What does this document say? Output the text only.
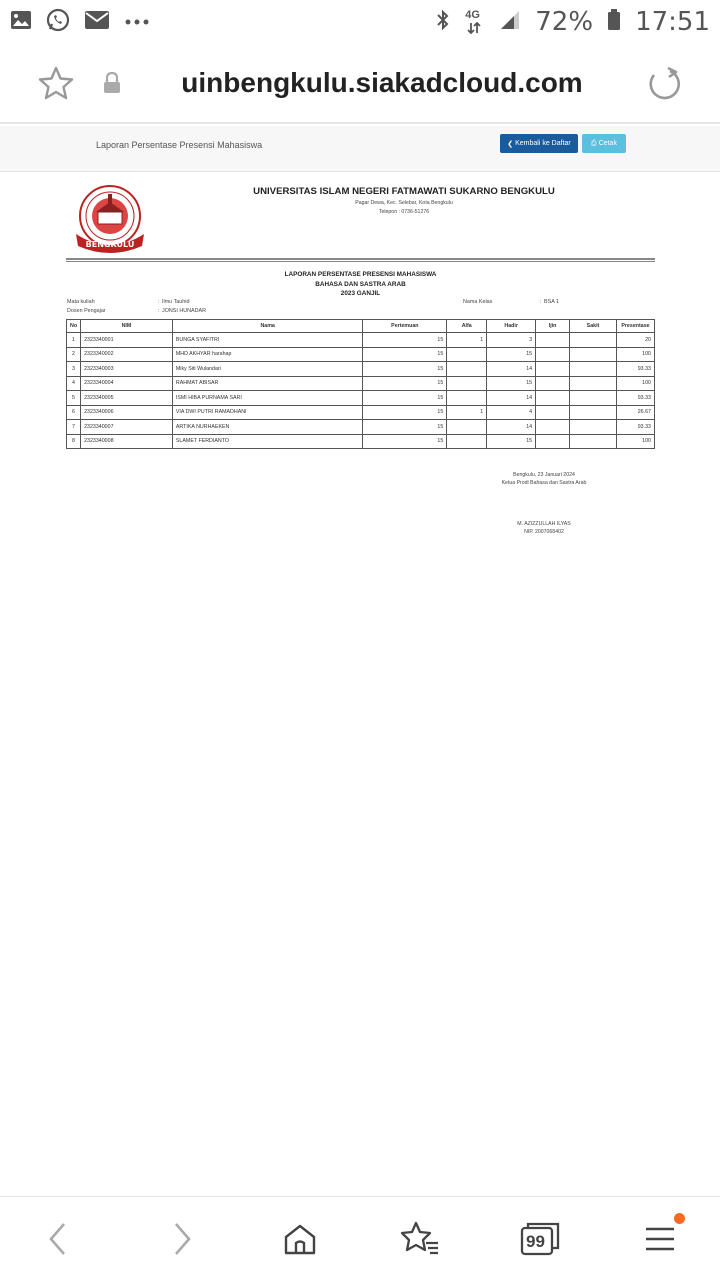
4G 72% 17:51
uinbengkulu.siakadcloud.com
Laporan Persentase Presensi Mahasiswa	❮ Kembali ke Daftar	⎙ Cetak
BENGKULU
UNIVERSITAS ISLAM NEGERI FATMAWATI SUKARNO BENGKULU
Pagar Dewa, Kec. Selebar, Kota Bengkulu
Telepon : 0736-51276
LAPORAN PERSENTASE PRESENSI MAHASISWA
BAHASA DAN SASTRA ARAB
2023 GANJIL
Mata kuliah	: Ilmu Tauhid
Dosen Pengajar	: JONSI HUNADAR
Nama Kelas	: BSA 1
No	NIM	Nama	Pertemuan	Alfa	Hadir	Ijin	Sakit	Presentase
1	2323340001	BUNGA SYAFITRI	15	1	3			20
2	2323340002	MHD AKHYAR harahap	15		15			100
3	2323340003	Miky Siti Wulandari	15		14			93.33
4	2323340004	RAHMAT ABISAR	15		15			100
5	2323340005	ISMI HIBA PURNAMA SARI	15		14			93.33
6	2323340006	VIA DWI PUTRI RAMADHANI	15	1	4			26.67
7	2323340007	ARTIKA NURHAEKEN	15		14			93.33
8	2323340008	SLAMET FERDIANTO	15		15			100
Bengkulu, 23 Januari 2024
Ketua Prodi Bahasa dan Sastra Arab
M. AZIZZULLAH ILYAS
NIP. 2007068402
99
